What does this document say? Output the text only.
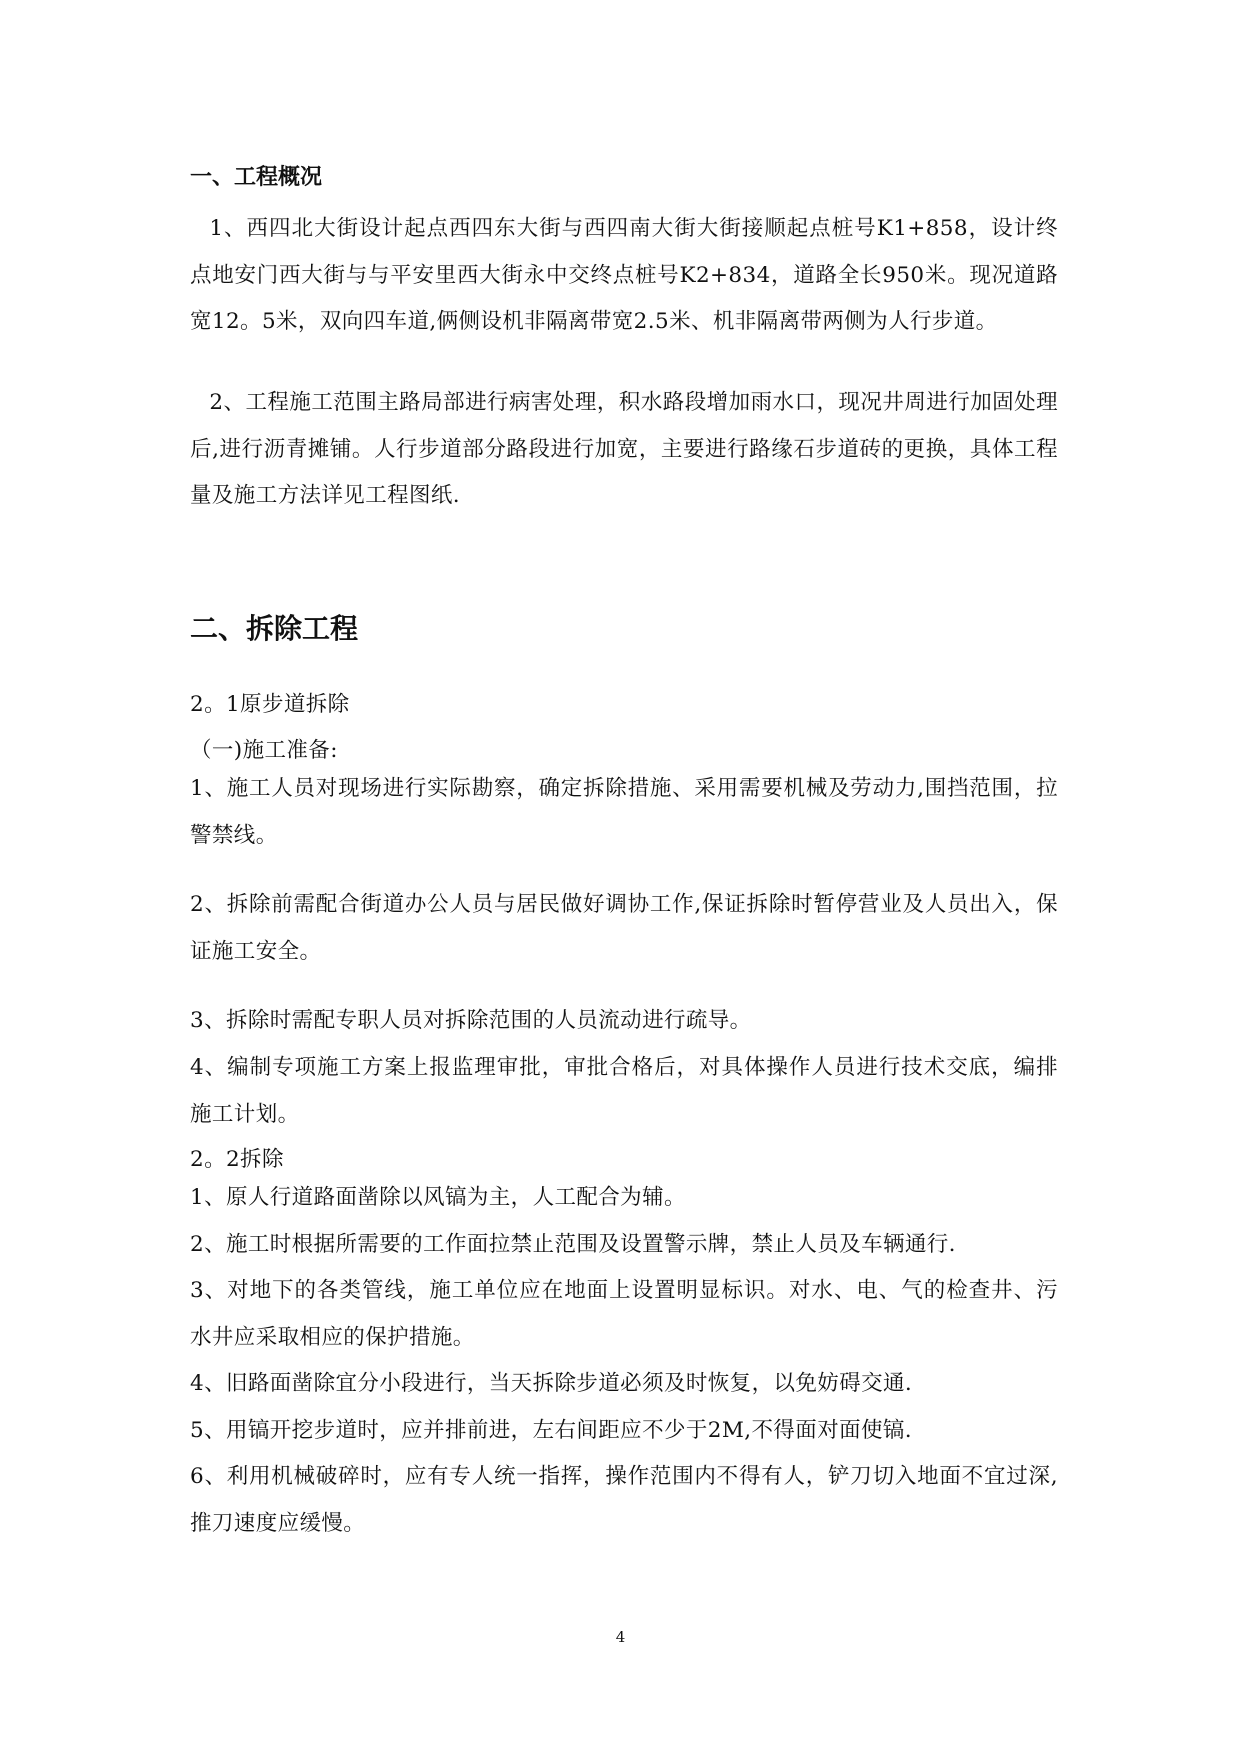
一、工程概况
1、西四北大街设计起点西四东大街与西四南大街大街接顺起点桩号K1+858，设计终点地安门西大街与与平安里西大街永中交终点桩号K2+834，道路全长950米。现况道路宽12。5米，双向四车道,俩侧设机非隔离带宽2.5米、机非隔离带两侧为人行步道。
2、工程施工范围主路局部进行病害处理，积水路段增加雨水口，现况井周进行加固处理后,进行沥青摊铺。人行步道部分路段进行加宽，主要进行路缘石步道砖的更换，具体工程量及施工方法详见工程图纸.
二、拆除工程
2。1原步道拆除
（一)施工准备:
1、施工人员对现场进行实际勘察，确定拆除措施、采用需要机械及劳动力,围挡范围，拉警禁线。
2、拆除前需配合街道办公人员与居民做好调协工作,保证拆除时暂停营业及人员出入，保证施工安全。
3、拆除时需配专职人员对拆除范围的人员流动进行疏导。
4、编制专项施工方案上报监理审批，审批合格后，对具体操作人员进行技术交底，编排施工计划。
2。2拆除
1、原人行道路面凿除以风镐为主，人工配合为辅。
2、施工时根据所需要的工作面拉禁止范围及设置警示牌，禁止人员及车辆通行.
3、对地下的各类管线，施工单位应在地面上设置明显标识。对水、电、气的检查井、污水井应采取相应的保护措施。
4、旧路面凿除宜分小段进行，当天拆除步道必须及时恢复，以免妨碍交通.
5、用镐开挖步道时，应并排前进，左右间距应不少于2M,不得面对面使镐.
6、利用机械破碎时，应有专人统一指挥，操作范围内不得有人，铲刀切入地面不宜过深,推刀速度应缓慢。
4
